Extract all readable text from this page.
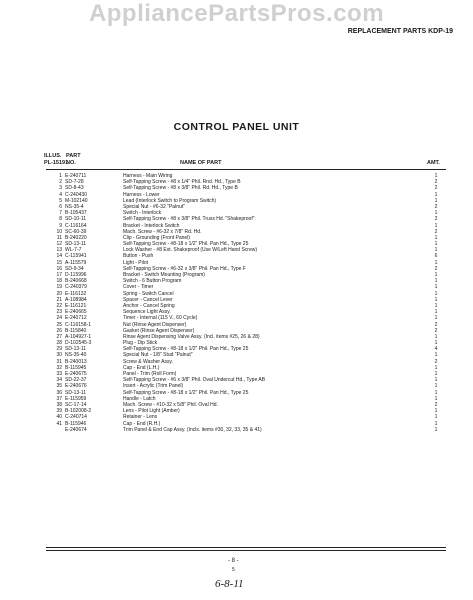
AppliancePartsPros.com
REPLACEMENT PARTS KDP-19
CONTROL PANEL UNIT
ILLUS.
PL-15191
PART
NO.	NAME OF PART	AMT.
1 E-240711	Harness - Main Wiring	1
2 SD-7-28	Self-Tapping Screw - #8 x 1/4" Phil. Rnd. Hd., Type B	2
3 SD-8-43	Self-Tapping Screw - #8 x 3/8" Phil. Rd. Hd., Type B	2
4 C-240430	Harness - Lower	1
5 M-102140	Lead (Interlock Switch to Program Switch)	1
6 NS-35-4	Special Nut - #6-32 "Palnut"	2
7 B-105437	Switch - Interlock	1
8 SD-10-11	Self-Tapping Screw - #8 x 3/8" Phil. Truss Hd. "Shakeproof"	2
9 C-116164	Bracket - Interlock Switch	1
10 SC-60-39	Mach. Screw - #6-32 x 7/8" Rd. Hd.	2
11 B-240220	Clip - Grounding (Front Panel)	1
12 SD-13-11	Self-Tapping Screw - #8-18 x 1/2" Phil. Pan Hd., Type 25	1
13 WL-7-7	Lock Washer - #8 Ext. Shakeproof (Use W/Left Hand Screw)	1
14 C-115941	Button - Push	6
15 A-115579	Light - Pilot	1
16 SD-9-34	Self-Tapping Screw - #6-32 x 3/8" Phil. Pan Hd., Type F	2
17 D-115996	Bracket - Switch Mounting (Program)	1
18 B-240668	Switch - 6 Button Program	1
19 C-240379	Cover - Timer	1
20 E-116132	Spring - Switch Cancel	1
21 A-108984	Spacer - Cancel Lever	1
22 E-116121	Anchor - Cancel Spring	1
23 E-240665	Sequence Light Assy.	1
24 E-240712	Timer - Internal (115 V., 60 Cycle)	1
25 C-116158-1	Nut (Rinse Agent Dispenser)	2
26 B-115840	Gasket (Rinse Agent Dispenser)	2
27 A-104927-1	Rinse Agent Dispensing Valve Assy. (Incl. items #25, 26 & 28)	1
28 D-102545-3	Plug - Dip Stick	1
29 SD-13-11	Self-Tapping Screw - #8-18 x 1/2" Phil. Pan Hd., Type 25	4
30 NS-35-40	Special Nut - 1/8" Stud "Palnut"	1
31 B-240013	Screw & Washer Assy.	2
32 B-115945	Cap - End (L.H.)	1
33 E-240675	Panel - Trim (Roll Form)	1
34 SD-22-37	Self-Tapping Screw - #6 x 3/8" Phil. Oval Undercut Hd., Type AB	1
35 E-240676	Insert - Acrylic (Trim Panel)	1
36 SD-13-11	Self-Tapping Screw - #8-18 x 1/2" Phil. Pan Hd., Type 25	1
37 E-115959	Handle - Latch	1
38 SC-17-14	Mach. Screw - #10-32 x 5/8" Phil. Oval Hd.	2
39 B-102008-2	Lens - Pilot Light (Amber)	1
40 C-240714	Retainer - Lens	1
41 B-115946	Cap - End (R.H.)	1
E-240674	Trim Panel & End Cap Assy. (Incls. items #30, 32, 33, 35 & 41)	1
- 8 -
5
6-8-11
